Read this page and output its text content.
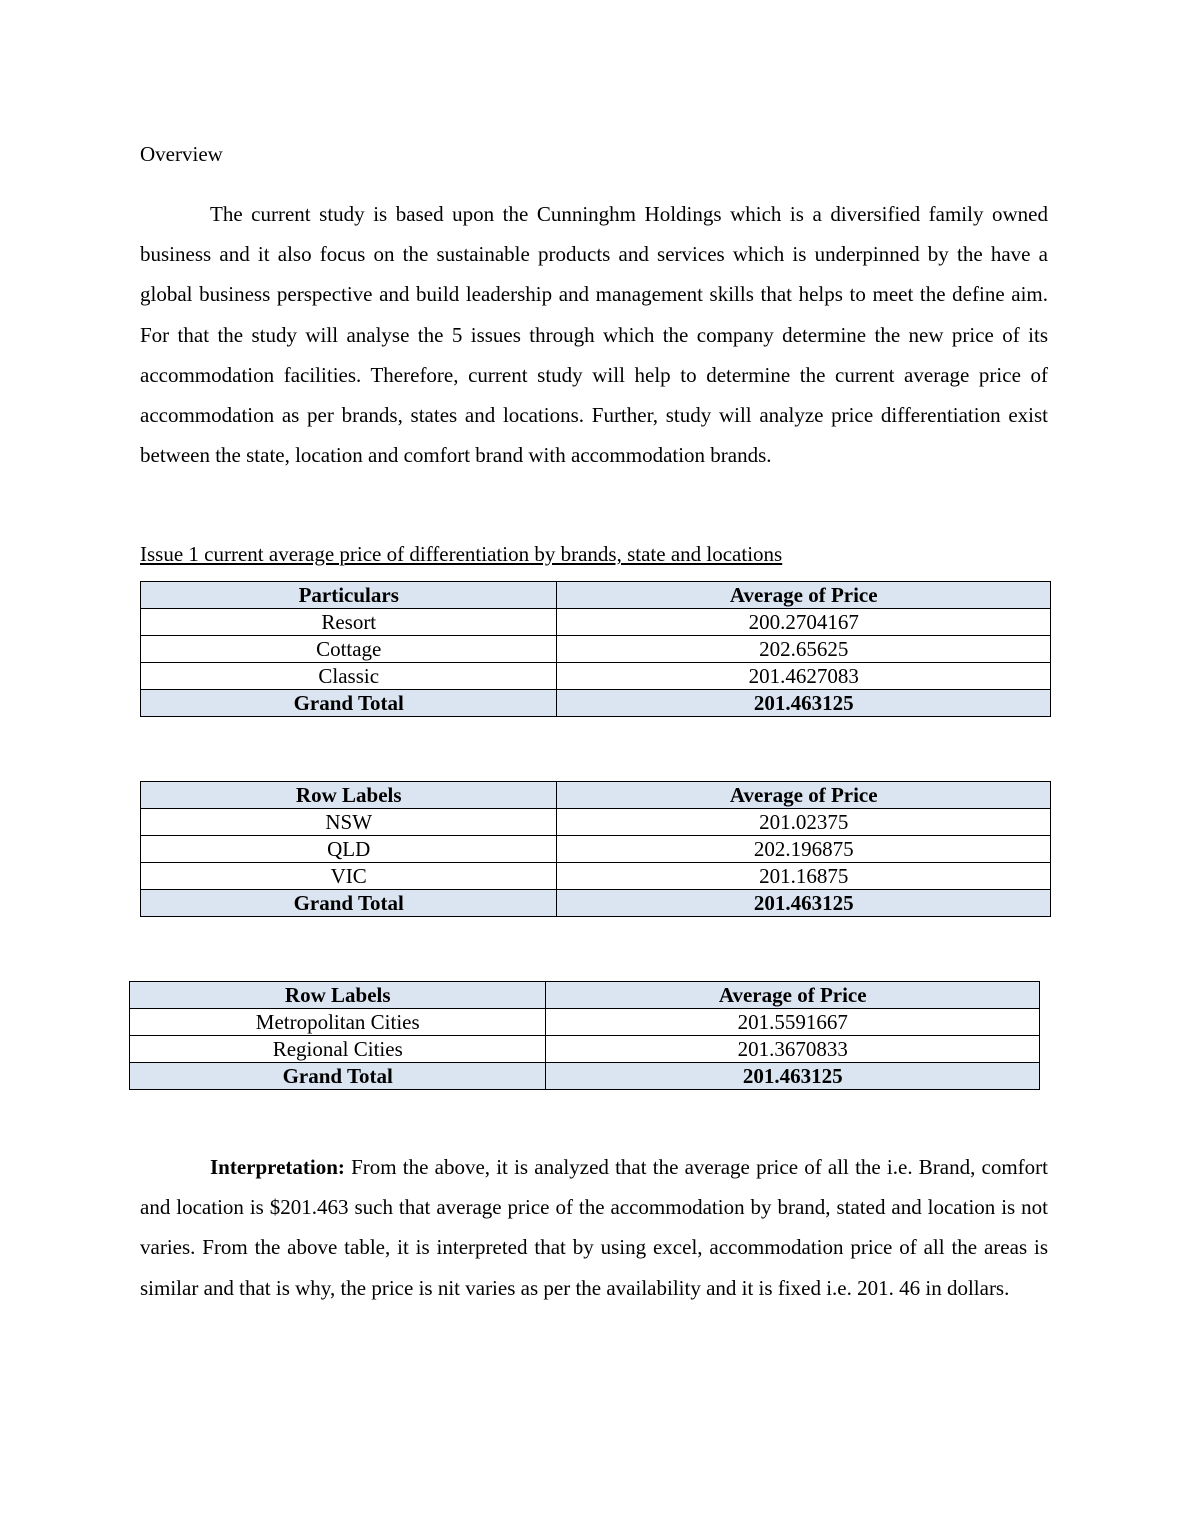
Overview

The current study is based upon the Cunninghm Holdings which is a diversified family owned business and it also focus on the sustainable products and services which is underpinned by the have a global business perspective and build leadership and management skills that helps to meet the define aim. For that the study will analyse the 5 issues through which the company determine the new price of its accommodation facilities. Therefore, current study will help to determine the current average price of accommodation as per brands, states and locations. Further, study will analyze price differentiation exist between the state, location and comfort brand with accommodation brands.

Issue 1 current average price of differentiation by brands, state and locations

Particulars	Average of Price
Resort	200.2704167
Cottage	202.65625
Classic	201.4627083
Grand Total	201.463125
Row Labels	Average of Price
NSW	201.02375
QLD	202.196875
VIC	201.16875
Grand Total	201.463125
Row Labels	Average of Price
Metropolitan Cities	201.5591667
Regional Cities	201.3670833
Grand Total	201.463125

Interpretation: From the above, it is analyzed that the average price of all the i.e. Brand, comfort and location is $201.463 such that average price of the accommodation by brand, stated and location is not varies. From the above table, it is interpreted that by using excel, accommodation price of all the areas is similar and that is why, the price is nit varies as per the availability and it is fixed i.e. 201. 46 in dollars.
